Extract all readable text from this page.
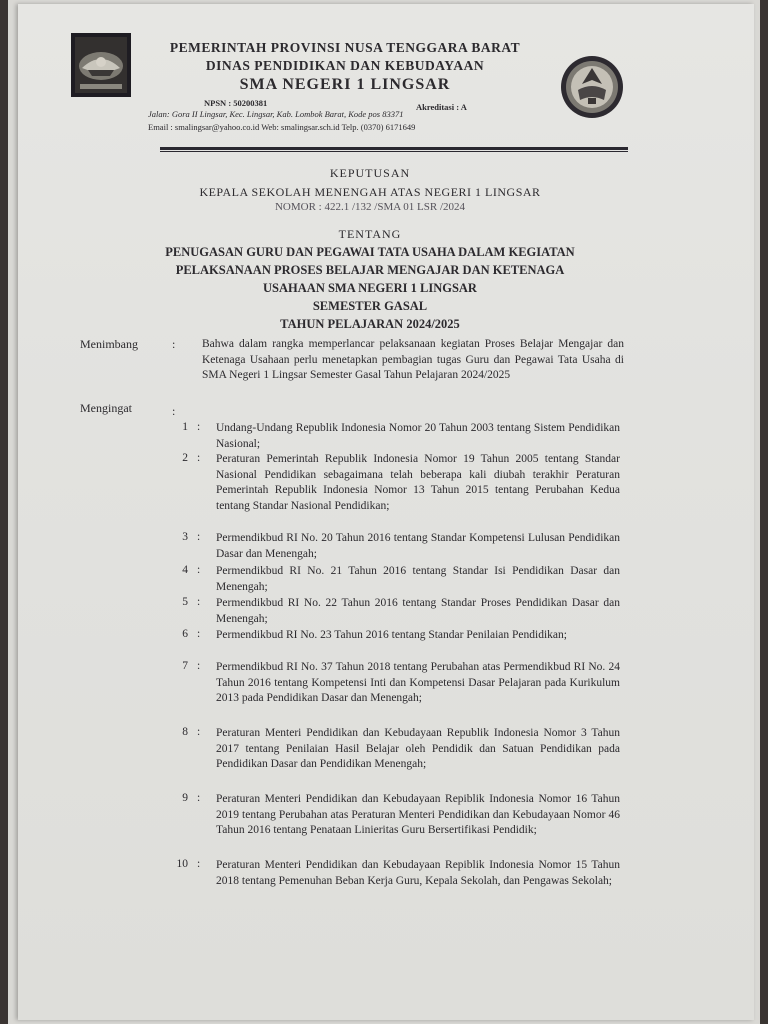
PEMERINTAH PROVINSI NUSA TENGGARA BARAT
DINAS PENDIDIKAN DAN KEBUDAYAAN
SMA NEGERI 1 LINGSAR
NPSN : 50200381	Akreditasi : A
Jalan: Gora II Lingsar, Kec. Lingsar, Kab. Lombok Barat, Kode pos 83371
Email : smalingsar@yahoo.co.id Web: smalingsar.sch.id Telp. (0370) 6171649
KEPUTUSAN
KEPALA SEKOLAH MENENGAH ATAS NEGERI 1 LINGSAR
NOMOR : 422.1 /132 /SMA 01 LSR /2024
TENTANG
PENUGASAN GURU DAN PEGAWAI TATA USAHA DALAM KEGIATAN
PELAKSANAAN PROSES BELAJAR MENGAJAR DAN KETENAGA
USAHAAN SMA NEGERI 1 LINGSAR
SEMESTER GASAL
TAHUN PELAJARAN 2024/2025
Menimbang	: Bahwa dalam rangka memperlancar pelaksanaan kegiatan Proses Belajar Mengajar dan Ketenaga Usahaan perlu menetapkan pembagian tugas Guru dan Pegawai Tata Usaha di SMA Negeri 1 Lingsar Semester Gasal Tahun Pelajaran 2024/2025
Mengingat	:
1 : Undang-Undang Republik Indonesia Nomor 20 Tahun 2003 tentang Sistem Pendidikan Nasional;
2 : Peraturan Pemerintah Republik Indonesia Nomor 19 Tahun 2005 tentang Standar Nasional Pendidikan sebagaimana telah beberapa kali diubah terakhir Peraturan Pemerintah Republik Indonesia Nomor 13 Tahun 2015 tentang Perubahan Kedua tentang Standar Nasional Pendidikan;
3 : Permendikbud RI No. 20 Tahun 2016 tentang Standar Kompetensi Lulusan Pendidikan Dasar dan Menengah;
4 : Permendikbud RI No. 21 Tahun 2016 tentang Standar Isi Pendidikan Dasar dan Menengah;
5 : Permendikbud RI No. 22 Tahun 2016 tentang Standar Proses Pendidikan Dasar dan Menengah;
6 : Permendikbud RI No. 23 Tahun 2016 tentang Standar Penilaian Pendidikan;
7 : Permendikbud RI No. 37 Tahun 2018 tentang Perubahan atas Permendikbud RI No. 24 Tahun 2016 tentang Kompetensi Inti dan Kompetensi Dasar Pelajaran pada Kurikulum 2013 pada Pendidikan Dasar dan Menengah;
8 : Peraturan Menteri Pendidikan dan Kebudayaan Republik Indonesia Nomor 3 Tahun 2017 tentang Penilaian Hasil Belajar oleh Pendidik dan Satuan Pendidikan pada Pendidikan Dasar dan Pendidikan Menengah;
9 : Peraturan Menteri Pendidikan dan Kebudayaan Repiblik Indonesia Nomor 16 Tahun 2019 tentang Perubahan atas Peraturan Menteri Pendidikan dan Kebudayaan Nomor 46 Tahun 2016 tentang Penataan Linieritas Guru Bersertifikasi Pendidik;
10 : Peraturan Menteri Pendidikan dan Kebudayaan Repiblik Indonesia Nomor 15 Tahun 2018 tentang Pemenuhan Beban Kerja Guru, Kepala Sekolah, dan Pengawas Sekolah;
